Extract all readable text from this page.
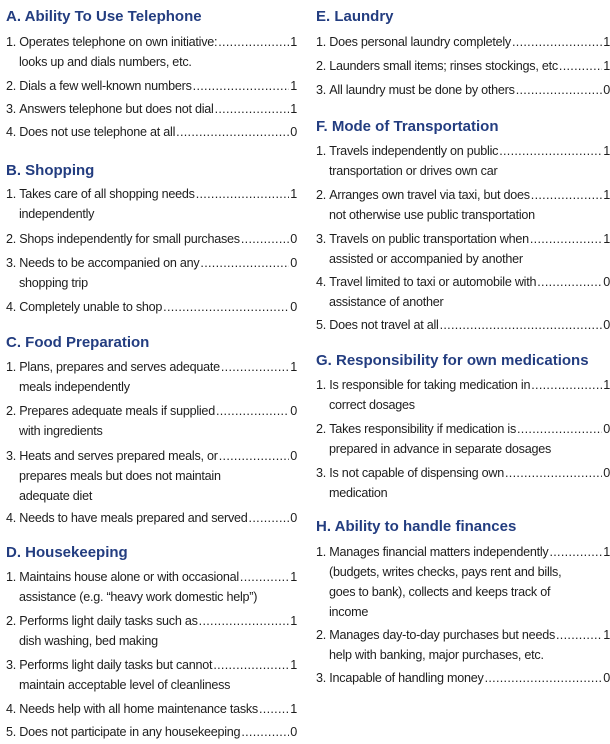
A. Ability To Use Telephone
1.
Operates telephone on own initiative: .....	1
looks up and dials numbers, etc.
2.
Dials a few well-known numbers .....	1
3.
Answers telephone but does not dial .....	1
4.
Does not use telephone at all .....	0
B. Shopping
1.
Takes care of all shopping needs .....	1
independently
2.
Shops independently for small purchases .....	0
3.
Needs to be accompanied on any .....	0
shopping trip
4.
Completely unable to shop .....	0
C. Food Preparation
1.
Plans, prepares and serves adequate .....	1
meals independently
2.
Prepares adequate meals if supplied .....	0
with ingredients
3.
Heats and serves prepared meals, or .....	0
prepares meals but does not maintain
adequate diet
4.
Needs to have meals prepared and served .....	0
D. Housekeeping
1.
Maintains house alone or with occasional .....	1
assistance (e.g. “heavy work domestic help”)
2.
Performs light daily tasks such as .....	1
dish washing, bed making
3.
Performs light daily tasks but cannot .....	1
maintain acceptable level of cleanliness
4.
Needs help with all home maintenance tasks .....	1
5.
Does not participate in any housekeeping .....	0
E. Laundry
1.
Does personal laundry completely .....	1
2.
Launders small items; rinses stockings, etc .....	1
3.
All laundry must be done by others .....	0
F. Mode of Transportation
1.
Travels independently on public .....	1
transportation or drives own car
2.
Arranges own travel via taxi, but does .....	1
not otherwise use public transportation
3.
Travels on public transportation when .....	1
assisted or accompanied by another
4.
Travel limited to taxi or automobile with .....	0
assistance of another
5.
Does not travel at all .....	0
G. Responsibility for own medications
1.
Is responsible for taking medication in .....	1
correct dosages
2.
Takes responsibility if medication is .....	0
prepared in advance in separate dosages
3.
Is not capable of dispensing own .....	0
medication
H. Ability to handle finances
1.
Manages financial matters independently .....	1
(budgets, writes checks, pays rent and bills,
goes to bank), collects and keeps track of
income
2.
Manages day-to-day purchases but needs .....	1
help with banking, major purchases, etc.
3.
Incapable of handling money .....	0
